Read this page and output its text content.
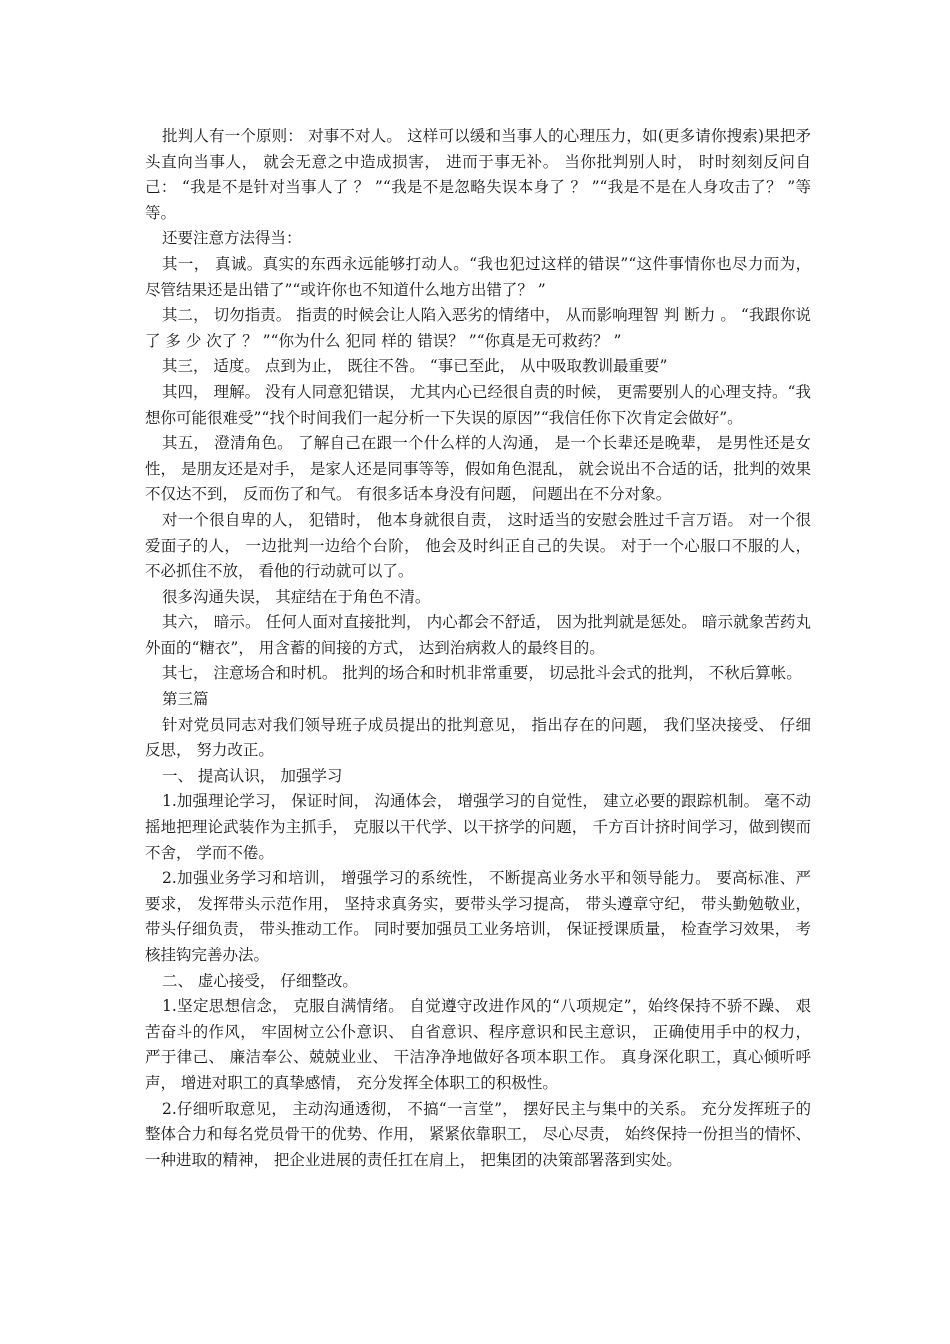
批判人有一个原则： 对事不对人。 这样可以缓和当事人的心理压力，如(更多请你搜索)果把矛头直向当事人， 就会无意之中造成损害， 进而于事无补。 当你批判别人时， 时时刻刻反问自己： “我是不是针对当事人了 ？ ”“我是不是忽略失误本身了 ？ ”“我是不是在人身攻击了？ ”等等。

还要注意方法得当：

其一， 真诚。真实的东西永远能够打动人。“我也犯过这样的错误”“这件事情你也尽力而为， 尽管结果还是出错了”“或许你也不知道什么地方出错了？ ”

其二， 切勿指责。 指责的时候会让人陷入恶劣的情绪中， 从而影响理智 判 断力 。 “我跟你说了 多 少 次了 ？ ”“你为什么 犯同 样的 错误？ ”“你真是无可救药？ ”

其三， 适度。 点到为止， 既往不咎。 “事已至此， 从中吸取教训最重要”

其四， 理解。 没有人同意犯错误， 尤其内心已经很自责的时候， 更需要别人的心理支持。“我想你可能很难受”“找个时间我们一起分析一下失误的原因”“我信任你下次肯定会做好”。

其五， 澄清角色。 了解自己在跟一个什么样的人沟通， 是一个长辈还是晚辈， 是男性还是女性， 是朋友还是对手， 是家人还是同事等等，假如角色混乱， 就会说出不合适的话，批判的效果不仅达不到， 反而伤了和气。 有很多话本身没有问题， 问题出在不分对象。

对一个很自卑的人， 犯错时， 他本身就很自责， 这时适当的安慰会胜过千言万语。 对一个很爱面子的人， 一边批判一边给个台阶， 他会及时纠正自己的失误。 对于一个心服口不服的人， 不必抓住不放， 看他的行动就可以了。

很多沟通失误， 其症结在于角色不清。

其六， 暗示。 任何人面对直接批判， 内心都会不舒适， 因为批判就是惩处。 暗示就象苦药丸外面的“糖衣”， 用含蓄的间接的方式， 达到治病救人的最终目的。

其七， 注意场合和时机。 批判的场合和时机非常重要， 切忌批斗会式的批判， 不秋后算帐。

第三篇

针对党员同志对我们领导班子成员提出的批判意见， 指出存在的问题， 我们坚决接受、 仔细反思， 努力改正。

一、 提高认识， 加强学习

1.加强理论学习， 保证时间， 沟通体会， 增强学习的自觉性， 建立必要的跟踪机制。 毫不动摇地把理论武装作为主抓手， 克服以干代学、以干挤学的问题， 千方百计挤时间学习，做到锲而不舍， 学而不倦。

2.加强业务学习和培训， 增强学习的系统性， 不断提高业务水平和领导能力。 要高标准、严要求， 发挥带头示范作用， 坚持求真务实，要带头学习提高， 带头遵章守纪， 带头勤勉敬业， 带头仔细负责， 带头推动工作。 同时要加强员工业务培训， 保证授课质量， 检查学习效果， 考核挂钩完善办法。

二、 虚心接受， 仔细整改。

1.坚定思想信念， 克服自满情绪。 自觉遵守改进作风的“八项规定”，始终保持不骄不躁、 艰苦奋斗的作风， 牢固树立公仆意识、 自省意识、程序意识和民主意识， 正确使用手中的权力， 严于律己、 廉洁奉公、兢兢业业、 干洁净净地做好各项本职工作。 真身深化职工，真心倾听呼声， 增进对职工的真挚感情， 充分发挥全体职工的积极性。

2.仔细听取意见， 主动沟通透彻， 不搞“一言堂”， 摆好民主与集中的关系。 充分发挥班子的整体合力和每名党员骨干的优势、作用， 紧紧依靠职工， 尽心尽责， 始终保持一份担当的情怀、 一种进取的精神， 把企业进展的责任扛在肩上， 把集团的决策部署落到实处。
